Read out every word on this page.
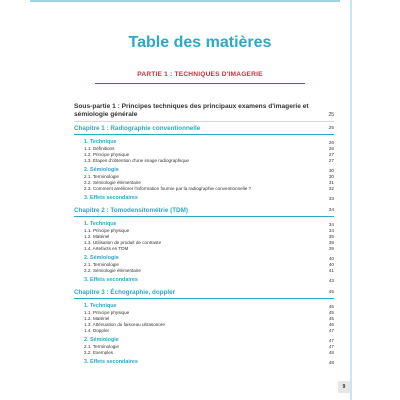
Table des matières
PARTIE 1 : TECHNIQUES D'IMAGERIE
Sous-partie 1 : Principes techniques des principaux examens d'imagerie et sémiologie générale	25
Chapitre 1 : Radiographie conventionnelle	25
1. Technique	26
1.1. Définitions	26
1.2. Principe physique	27
1.3. Étapes d'obtention d'une image radiographique	27
2. Sémiologie	30
2.1. Terminologie	30
2.2. Sémiologie élémentaire	31
2.3. Comment améliorer l'information fournie par la radiographie conventionnelle ?	32
3. Effets secondaires	33
Chapitre 2 : Tomodensitométrie (TDM)	34
1. Technique	34
1.1. Principe physique	34
1.2. Matériel	35
1.3. Utilisation de produit de contraste	39
1.4. Artefacts en TDM	39
2. Sémiologie	40
2.1. Terminologie	40
2.2. Sémiologie élémentaire	41
3. Effets secondaires	43
Chapitre 3 : Échographie, doppler	45
1. Technique	45
1.1. Principe physique	45
1.2. Matériel	45
1.3. Atténuation du faisceau ultrasonore	46
1.4. Doppler	47
2. Sémiologie	47
2.1. Terminologie	47
2.2. Exemples	48
3. Effets secondaires	48
9
